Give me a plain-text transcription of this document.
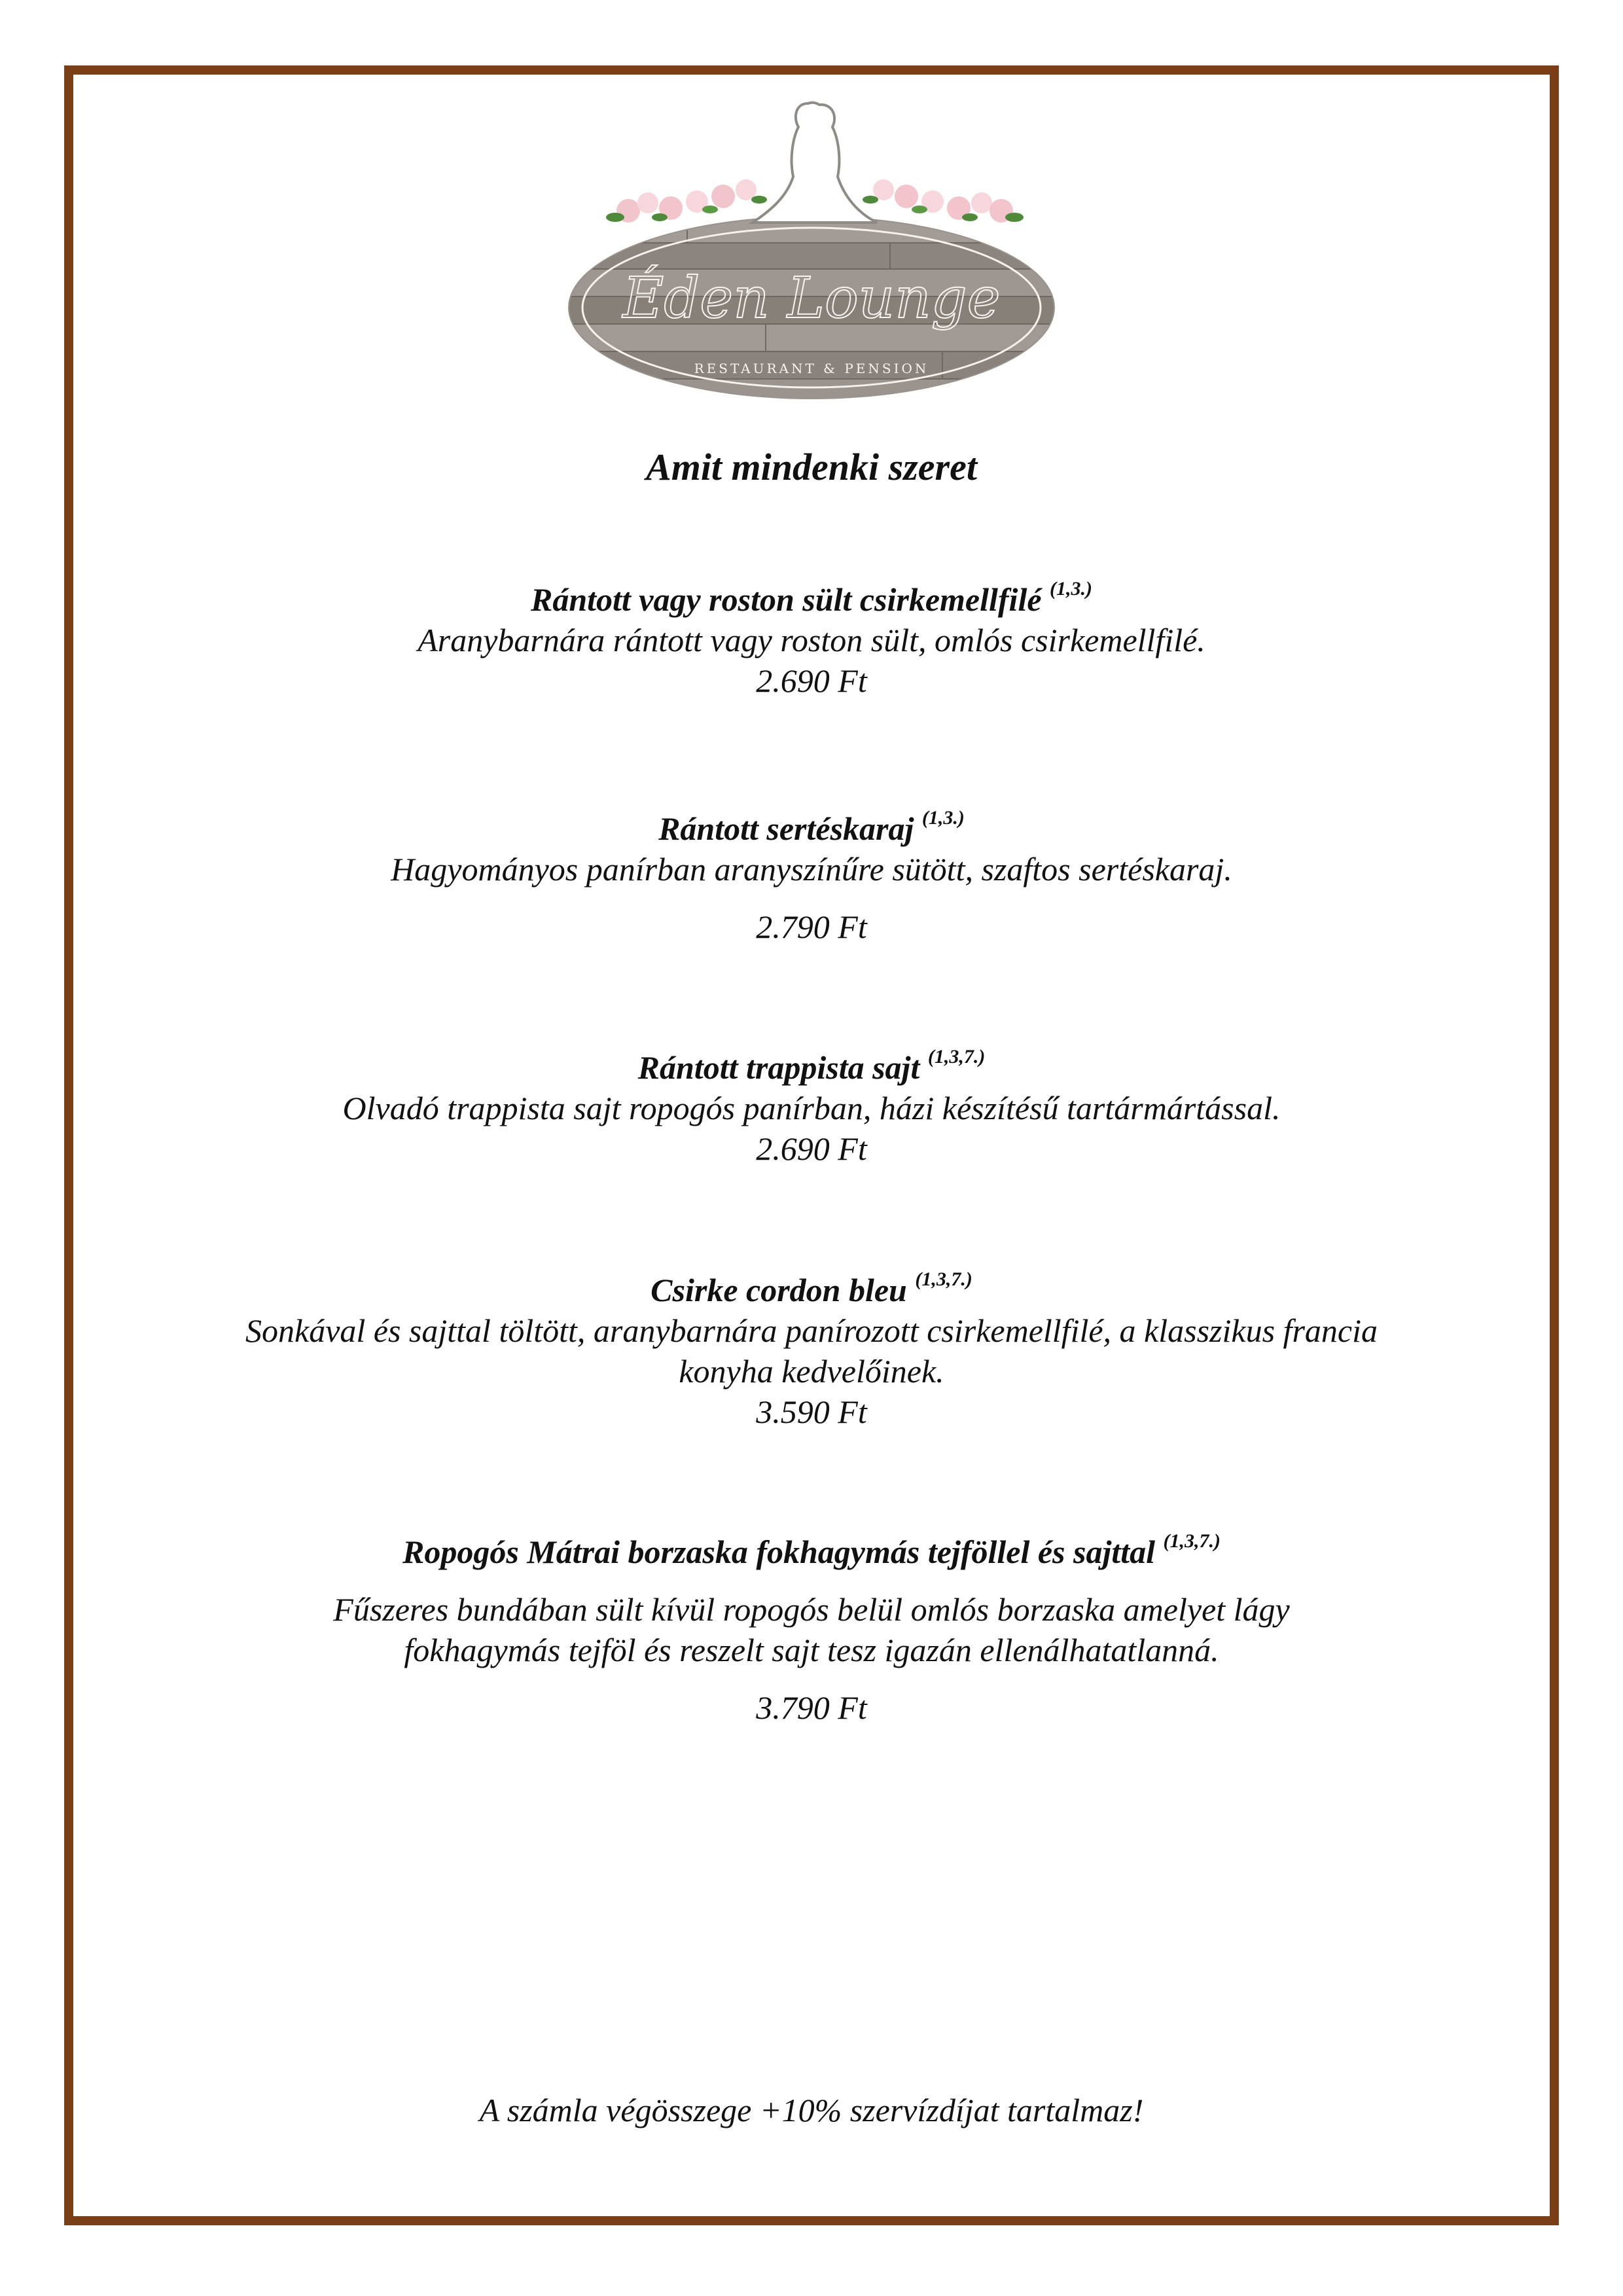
Éden Lounge
RESTAURANT & PENSION
Amit mindenki szeret
Rántott vagy roston sült csirkemellfilé $^{(1,3.)}$
Aranybarnára rántott vagy roston sült, omlós csirkemellfilé.
2.690 Ft
Rántott sertéskaraj $^{(1,3.)}$
Hagyományos panírban aranyszínűre sütött, szaftos sertéskaraj.
2.790 Ft
Rántott trappista sajt $^{(1,3,7.)}$
Olvadó trappista sajt ropogós panírban, házi készítésű tartármártással.
2.690 Ft
Csirke cordon bleu $^{(1,3,7.)}$
Sonkával és sajttal töltött, aranybarnára panírozott csirkemellfilé, a klasszikus francia konyha kedvelőinek.
3.590 Ft
Ropogós Mátrai borzaska fokhagymás tejföllel és sajttal $^{(1,3,7.)}$
Fűszeres bundában sült kívül ropogós belül omlós borzaska amelyet lágy fokhagymás tejföl és reszelt sajt tesz igazán ellenálhatatlanná.
3.790 Ft
A számla végösszege +10% szervízdíjat tartalmaz!
